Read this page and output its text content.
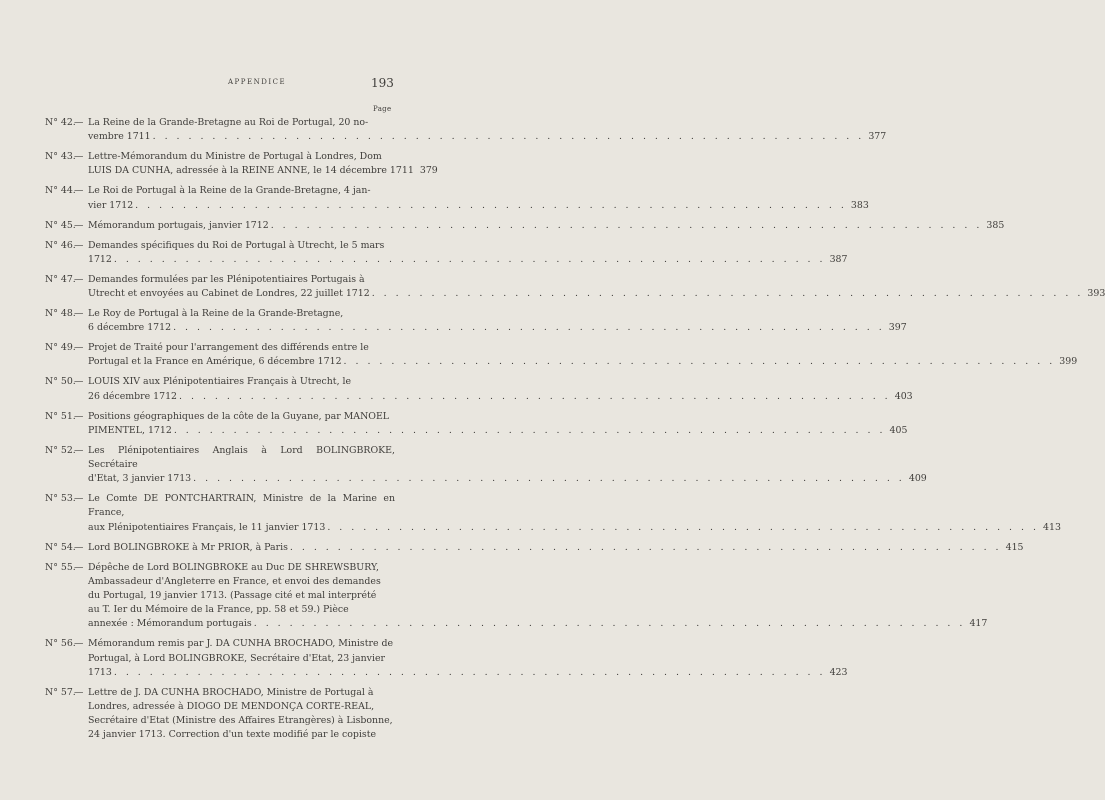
APPENDICE	193
Page
N° 42.
— La Reine de la Grande-Bretagne au Roi de Portugal, 20 no-
vembre 1711 . . . . . . . . . . . . . . . . . . . . . . . . . . . . . . . . . . . . . . . . . . . . . . . . . . . . . . . . . . . . 377
N° 43.
— Lettre-Mémorandum du Ministre de Portugal à Londres, Dom
LUIS DA CUNHA, adressée à la REINE ANNE, le 14 décembre 1711 379
N° 44.
— Le Roi de Portugal à la Reine de la Grande-Bretagne, 4 jan-
vier 1712 . . . . . . . . . . . . . . . . . . . . . . . . . . . . . . . . . . . . . . . . . . . . . . . . . . . . . . . . . . . . 383
N° 45.
— Mémorandum portugais, janvier 1712 . . . . . . . . . . . . . . . . . . . . . . . . . . . . . . . . . . . . . . . . . . . . . . . . . . . . . . . . . . . . 385
N° 46.
— Demandes spécifiques du Roi de Portugal à Utrecht, le 5 mars
1712 . . . . . . . . . . . . . . . . . . . . . . . . . . . . . . . . . . . . . . . . . . . . . . . . . . . . . . . . . . . . 387
N° 47.
— Demandes formulées par les Plénipotentiaires Portugais à
Utrecht et envoyées au Cabinet de Londres, 22 juillet 1712 . . . . . . . . . . . . . . . . . . . . . . . . . . . . . . . . . . . . . . . . . . . . . . . . . . . . . . . . . . . . 393
N° 48.
— Le Roy de Portugal à la Reine de la Grande-Bretagne,
6 décembre 1712 . . . . . . . . . . . . . . . . . . . . . . . . . . . . . . . . . . . . . . . . . . . . . . . . . . . . . . . . . . . . 397
N° 49.
— Projet de Traité pour l'arrangement des différends entre le
Portugal et la France en Amérique, 6 décembre 1712 . . . . . . . . . . . . . . . . . . . . . . . . . . . . . . . . . . . . . . . . . . . . . . . . . . . . . . . . . . . . 399
N° 50.
— LOUIS XIV aux Plénipotentiaires Français à Utrecht, le
26 décembre 1712 . . . . . . . . . . . . . . . . . . . . . . . . . . . . . . . . . . . . . . . . . . . . . . . . . . . . . . . . . . . . 403
N° 51.
— Positions géographiques de la côte de la Guyane, par MANOEL
PIMENTEL, 1712 . . . . . . . . . . . . . . . . . . . . . . . . . . . . . . . . . . . . . . . . . . . . . . . . . . . . . . . . . . . . 405
N° 52.
— Les Plénipotentiaires Anglais à Lord BOLINGBROKE, Secrétaire
d'Etat, 3 janvier 1713 . . . . . . . . . . . . . . . . . . . . . . . . . . . . . . . . . . . . . . . . . . . . . . . . . . . . . . . . . . . . 409
N° 53.
— Le Comte DE PONTCHARTRAIN, Ministre de la Marine en France,
aux Plénipotentiaires Français, le 11 janvier 1713 . . . . . . . . . . . . . . . . . . . . . . . . . . . . . . . . . . . . . . . . . . . . . . . . . . . . . . . . . . . . 413
N° 54.
— Lord BOLINGBROKE à Mr PRIOR, à Paris . . . . . . . . . . . . . . . . . . . . . . . . . . . . . . . . . . . . . . . . . . . . . . . . . . . . . . . . . . . . 415
N° 55.
— Dépêche de Lord BOLINGBROKE au Duc DE SHREWSBURY,
Ambassadeur d'Angleterre en France, et envoi des demandes
du Portugal, 19 janvier 1713. (Passage cité et mal interprété
au T. Ier du Mémoire de la France, pp. 58 et 59.) Pièce
annexée : Mémorandum portugais . . . . . . . . . . . . . . . . . . . . . . . . . . . . . . . . . . . . . . . . . . . . . . . . . . . . . . . . . . . . 417
N° 56.
— Mémorandum remis par J. DA CUNHA BROCHADO, Ministre de
Portugal, à Lord BOLINGBROKE, Secrétaire d'Etat, 23 janvier
1713 . . . . . . . . . . . . . . . . . . . . . . . . . . . . . . . . . . . . . . . . . . . . . . . . . . . . . . . . . . . . 423
N° 57.
— Lettre de J. DA CUNHA BROCHADO, Ministre de Portugal à
Londres, adressée à DIOGO DE MENDONÇA CORTE-REAL,
Secrétaire d'Etat (Ministre des Affaires Etrangères) à Lisbonne,
24 janvier 1713. Correction d'un texte modifié par le copiste
